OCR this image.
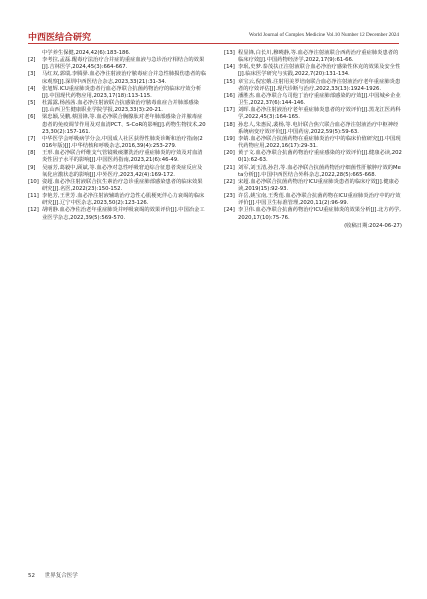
中西医结合研究	World Journal of Complex Medicine Vol.10 Number 12 December 2024
中学养生保健,2024,42(6):183-186.
[2]	李考拉,孟磊.醒毒疗法治疗合并症的重症血液与急诊治疗相结合的效果[J].吉林医学,2024,45(3):664-667.
[3]	马红双,郭瑞,李腾驿.血必净注射液治疗脓毒症合并急性肺损伤患者的临床观察[J].深圳中西医结合杂志,2023,33(21):31-34.
[4]	张旭辉.ICU重症肺炎患者行血必净联合抗菌药物治疗的临床疗效分析[J].中国现代药物应用,2023,17(18):113-115.
[5]	杜露露,杨茜茜.血必净注射液联合抗感染治疗脓毒血症合并肺部感染[J].山西卫生健康职业学院学报,2023,33(3):20-21.
[6]	梁忠颖,吴鹏,蔡国锋,等.血必净联合胸腺肽对老年肺部感染合并脓毒症患者的免疫调节作用及对血清PCT、S-CoR的影响[J].药物生物技术,2023,30(2):157-161.
[7]	中华医学会呼吸病学分会,中国成人社区获得性肺炎诊断和治疗指南(2016年版)[J].中华结核和呼吸杂志,2016,39(4):253-279.
[8]	王形.血必净联合纤维支气管镜吸痰灌洗治疗重症肺炎的疗效及对血清炎性因子水平的影响[J].中国医药指南,2023,21(6):46-49.
[9]	吴丽芳,葛毅中,顾斌,等.血必净对急性呼吸窘迫综合征患者炎症反应及氧化应激状态的影响[J].中外医疗,2023,42(4):169-172.
[10] 姿超.血必净注射液联合抗生素治疗急诊重症肺部感染患者的临床效果研究[J].名医,2022(23):150-152.
[11] 李艳芳,王世芳.血必净注射液辅助治疗急性心肌梗死伴心力衰竭的临床研究[J].辽宁中医杂志,2023,50(2):123-126.
[12] 胡明静.血必净佐治老年重症肺炎并呼吸衰竭的效果评价[J].中国冶金工业医学杂志,2022,39(5):569-570.
[13] 程显锋,白长川,穆曉静,等.血必净注射液联合西药治疗重症肺炎患者的临床疗效[J].中国药物经济学,2022,17(9):61-66.
[14] 李珉,史梦.泰茂扶正注射液联合血必净治疗感染性休克的效果及安全性[J].临床医学研究与实践,2022,7(20):131-134.
[15] 章宝云,倪宏娥.注射用美罗培南联合血必净注射液治疗老年重症肺炎患者的疗效评估[J].现代诊断与治疗,2022,33(13):1924-1926.
[16] 潘胜杰.血必净联合乌司他丁治疗重症肺部感染的疗效[J].中国城乡企业卫生,2022,37(6):144-146.
[17] 刘晖.血必净注射液治疗老年重症肺炎患者的疗效评价[J].黑龙江医药科学,2022,45(3):164-165.
[18] 孙忠人,朱惠民,裴杨,等.电针联合焦穴联合血必净注射液治疗中枢神经系统病变疗效评价[J].中国药房,2022,59(5):59-63.
[19] 李婧.血必净联合抗菌药物在重症肺炎治疗中的临床价值研究[J].中国现代药物应用,2022,16(17):29-31.
[20] 黄子文.血必净联合抗菌药物治疗重症感染的疗效评价[J].健康必读,2020(1):62-63.
[21] 刘军,刘玉清,孙岩,等.血必净联合抗菌药物治疗细菌性肝脓肿疗效的Meta分析[J].中国中西医结合外科杂志,2022,28(5):665-668.
[22] 宋超.血必净联合抗菌药物治疗ICU重症肺炎患者的临床疗效[J].健康必读,2019(15):92-93.
[23] 许岳,姚宝南,王秀莲.血必净联合抗菌药物在ICU重症肺炎治疗中的疗效评价[J].中国卫生标准管理,2020,11(2):96-99.
[24] 李卫伟.血必净联合抗菌药物治疗ICU重症肺炎的效果分析[J].北方药学,2020,17(10):75-76.
(收稿日期:2024-06-27)
52 世界复合医学
